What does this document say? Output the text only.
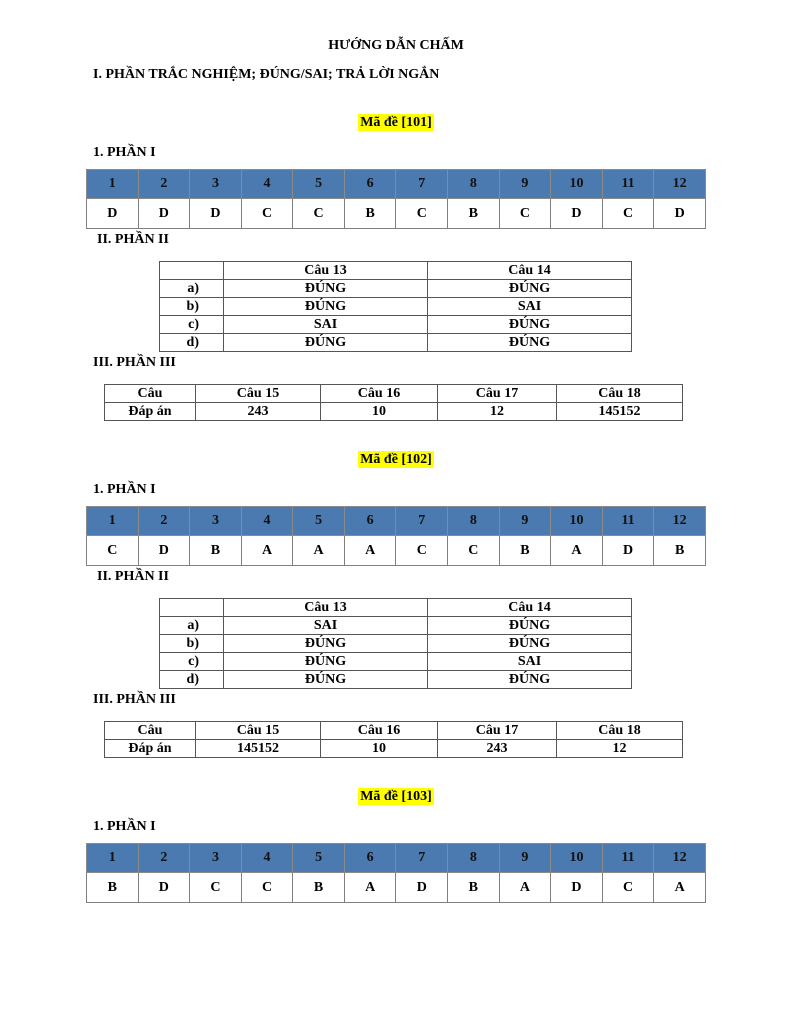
HƯỚNG DẪN CHẤM
I. PHẦN TRẮC NGHIỆM; ĐÚNG/SAI; TRẢ LỜI NGẮN
Mã đề [101]
1. PHẦN I
1	2	3	4	5	6	7	8	9	10	11	12
D	D	D	C	C	B	C	B	C	D	C	D
II. PHẦN II
	Câu 13	Câu 14
a)	ĐÚNG	ĐÚNG
b)	ĐÚNG	SAI
c)	SAI	ĐÚNG
d)	ĐÚNG	ĐÚNG
III. PHẦN III
Câu	Câu 15	Câu 16	Câu 17	Câu 18
Đáp án	243	10	12	145152
Mã đề [102]
1. PHẦN I
1	2	3	4	5	6	7	8	9	10	11	12
C	D	B	A	A	A	C	C	B	A	D	B
II. PHẦN II
	Câu 13	Câu 14
a)	SAI	ĐÚNG
b)	ĐÚNG	ĐÚNG
c)	ĐÚNG	SAI
d)	ĐÚNG	ĐÚNG
III. PHẦN III
Câu	Câu 15	Câu 16	Câu 17	Câu 18
Đáp án	145152	10	243	12
Mã đề [103]
1. PHẦN I
1	2	3	4	5	6	7	8	9	10	11	12
B	D	C	C	B	A	D	B	A	D	C	A
